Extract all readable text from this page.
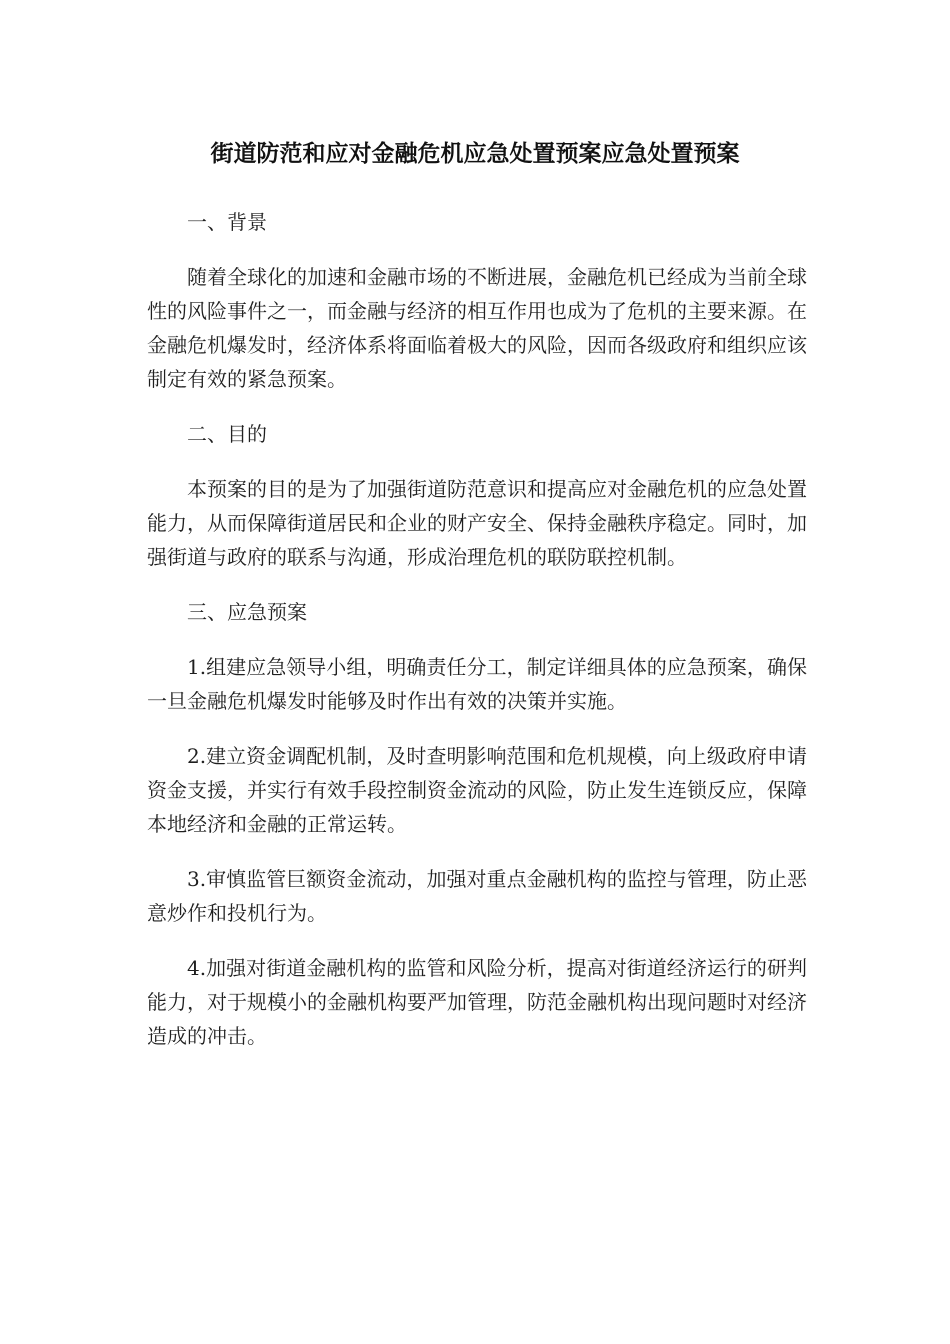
街道防范和应对金融危机应急处置预案应急处置预案

一、背景

随着全球化的加速和金融市场的不断进展，金融危机已经成为当前全球性的风险事件之一，而金融与经济的相互作用也成为了危机的主要来源。在金融危机爆发时，经济体系将面临着极大的风险，因而各级政府和组织应该制定有效的紧急预案。

二、目的

本预案的目的是为了加强街道防范意识和提高应对金融危机的应急处置能力，从而保障街道居民和企业的财产安全、保持金融秩序稳定。同时，加强街道与政府的联系与沟通，形成治理危机的联防联控机制。

三、应急预案

1.组建应急领导小组，明确责任分工，制定详细具体的应急预案，确保一旦金融危机爆发时能够及时作出有效的决策并实施。

2.建立资金调配机制，及时查明影响范围和危机规模，向上级政府申请资金支援，并实行有效手段控制资金流动的风险，防止发生连锁反应，保障本地经济和金融的正常运转。

3.审慎监管巨额资金流动，加强对重点金融机构的监控与管理，防止恶意炒作和投机行为。

4.加强对街道金融机构的监管和风险分析，提高对街道经济运行的研判能力，对于规模小的金融机构要严加管理，防范金融机构出现问题时对经济造成的冲击。
